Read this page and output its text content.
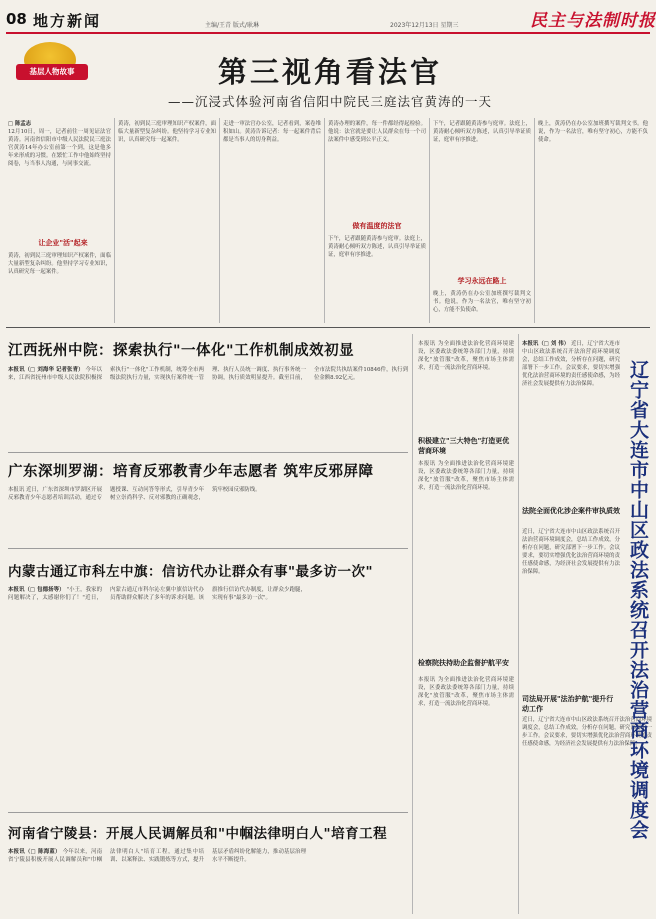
08 地方新闻	主编/王青 版式/耿琳	2023年12月13日 星期三	民主与法制时报
基层人物故事	第三视角看法官
——沉浸式体验河南省信阳中院民三庭法官黄涛的一天
□ 陈孟志
12月10日，周一，记者前往一周见证法官黄涛。河南省信阳市中级人民法院民三庭法官黄涛14年办公室前第一个到，这是他多年来形成的习惯。在繁忙工作中他始终坚持阅卷，与当事人沟通，与同事交流。
让企业"活"起来
黄涛，初到民三庭审理知识产权案件，面临大量新型复杂纠纷。他坚持学习专业知识，认真研究每一起案件。
黄涛，初到民三庭审理知识产权案件，面临大量新型复杂纠纷。他坚持学习专业知识，认真研究每一起案件。
走进一审法官办公室，记者看到，案卷堆积如山。黄涛告诉记者：每一起案件背后都是当事人的切身利益。
黄涛办理的案件，每一件都经得起检验。他说：法官就是要让人民群众在每一个司法案件中感受到公平正义。
做有温度的法官
下午，记者跟随黄涛参与庭审。法庭上，黄涛耐心倾听双方陈述，认真引导举证质证，庭审有序推进。
下午，记者跟随黄涛参与庭审。法庭上，黄涛耐心倾听双方陈述，认真引导举证质证，庭审有序推进。
学习永远在路上
晚上，黄涛仍在办公室加班撰写裁判文书。他说，作为一名法官，唯有坚守初心，方能不负使命。
晚上，黄涛仍在办公室加班撰写裁判文书。他说，作为一名法官，唯有坚守初心，方能不负使命。
江西抚州中院：探索执行"一体化"工作机制成效初显
本报讯（□ 刘海华 记者张青） 今年以来，江西省抚州市中级人民法院积极探索执行"一体化"工作机制，统筹全市两级法院执行力量，实现执行案件统一管理、执行人员统一调度、执行事务统一协调，执行质效明显提升。截至目前，全市法院共执结案件10846件，执行到位金额8.92亿元。
广东深圳罗湖：培育反邪教青少年志愿者 筑牢反邪屏障
本报讯 近日，广东省深圳市罗湖区开展反邪教青少年志愿者培训活动，通过专题授课、互动问答等形式，引导青少年树立崇尚科学、反对邪教的正确观念，筑牢校园反邪防线。
内蒙古通辽市科左中旗：信访代办让群众有事"最多访一次"
本报讯（□ 包德扬等） "小王，我家的问题解决了，太感谢你们了！"近日，内蒙古通辽市科尔沁左翼中旗信访代办员帮助群众解决了多年的诉求问题。该旗推行信访代办制度，让群众少跑腿，实现有事"最多访一次"。
河南省宁陵县：开展人民调解员和"中帼法律明白人"培育工程
本报讯（□ 陈海蓝） 今年以来，河南省宁陵县积极开展人民调解员和"巾帼法律明白人"培育工程，通过集中培训、以案释法、实践锻炼等方式，提升基层矛盾纠纷化解能力，推动基层治理水平不断提升。
积极建立"三大特色"打造更优营商环境
本报讯 为全面推进法治化营商环境建设，区委政法委统筹各部门力量，持续深化"放管服"改革，聚焦市场主体需求，打造一流法治化营商环境。
本报讯 为全面推进法治化营商环境建设，区委政法委统筹各部门力量，持续深化"放管服"改革，聚焦市场主体需求，打造一流法治化营商环境。
检察院扶持助企监督护航平安
本报讯 为全面推进法治化营商环境建设，区委政法委统筹各部门力量，持续深化"放管服"改革，聚焦市场主体需求，打造一流法治化营商环境。
本报讯（□ 刘 伟） 近日，辽宁省大连市中山区政法系统召开法治营商环境调度会，总结工作成效，分析存在问题，研究部署下一步工作。会议要求，要切实增强优化法治营商环境的责任感使命感，为经济社会发展提供有力法治保障。
法院全面优化涉企案件审执质效
近日，辽宁省大连市中山区政法系统召开法治营商环境调度会，总结工作成效，分析存在问题，研究部署下一步工作。会议要求，要切实增强优化法治营商环境的责任感使命感，为经济社会发展提供有力法治保障。
司法局开展"法治护航"提升行动工作
近日，辽宁省大连市中山区政法系统召开法治营商环境调度会，总结工作成效，分析存在问题，研究部署下一步工作。会议要求，要切实增强优化法治营商环境的责任感使命感，为经济社会发展提供有力法治保障。
辽宁省大连市中山区政法系统召开法治营商环境调度会
